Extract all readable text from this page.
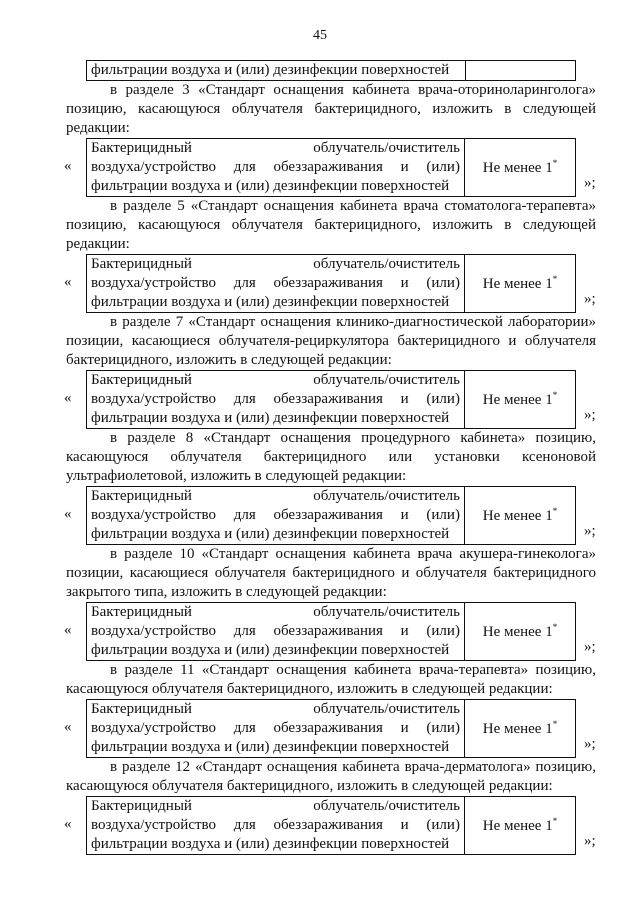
45
фильтрации воздуха и (или) дезинфекции поверхностей

в разделе 3 «Стандарт оснащения кабинета врача-оториноларинголога» позицию, касающуюся облучателя бактерицидного, изложить в следующей редакции:

«
Бактерицидный облучатель/очиститель
воздуха/устройство для обеззараживания и (или)
фильтрации воздуха и (или) дезинфекции поверхностей
	Не менее 1*
»;

в разделе 5 «Стандарт оснащения кабинета врача стоматолога-терапевта» позицию, касающуюся облучателя бактерицидного, изложить в следующей редакции:

«
Бактерицидный облучатель/очиститель
воздуха/устройство для обеззараживания и (или)
фильтрации воздуха и (или) дезинфекции поверхностей
	Не менее 1*
»;

в разделе 7 «Стандарт оснащения клинико-диагностической лаборатории» позиции, касающиеся облучателя-рециркулятора бактерицидного и облучателя бактерицидного, изложить в следующей редакции:

«
Бактерицидный облучатель/очиститель
воздуха/устройство для обеззараживания и (или)
фильтрации воздуха и (или) дезинфекции поверхностей
	Не менее 1*
»;

в разделе 8 «Стандарт оснащения процедурного кабинета» позицию, касающуюся облучателя бактерицидного или установки ксеноновой ультрафиолетовой, изложить в следующей редакции:

«
Бактерицидный облучатель/очиститель
воздуха/устройство для обеззараживания и (или)
фильтрации воздуха и (или) дезинфекции поверхностей
	Не менее 1*
»;

в разделе 10 «Стандарт оснащения кабинета врача акушера-гинеколога» позиции, касающиеся облучателя бактерицидного и облучателя бактерицидного закрытого типа, изложить в следующей редакции:

«
Бактерицидный облучатель/очиститель
воздуха/устройство для обеззараживания и (или)
фильтрации воздуха и (или) дезинфекции поверхностей
	Не менее 1*
»;

в разделе 11 «Стандарт оснащения кабинета врача-терапевта» позицию, касающуюся облучателя бактерицидного, изложить в следующей редакции:

«
Бактерицидный облучатель/очиститель
воздуха/устройство для обеззараживания и (или)
фильтрации воздуха и (или) дезинфекции поверхностей
	Не менее 1*
»;

в разделе 12 «Стандарт оснащения кабинета врача-дерматолога» позицию, касающуюся облучателя бактерицидного, изложить в следующей редакции:

«
Бактерицидный облучатель/очиститель
воздуха/устройство для обеззараживания и (или)
фильтрации воздуха и (или) дезинфекции поверхностей
	Не менее 1*
»;
